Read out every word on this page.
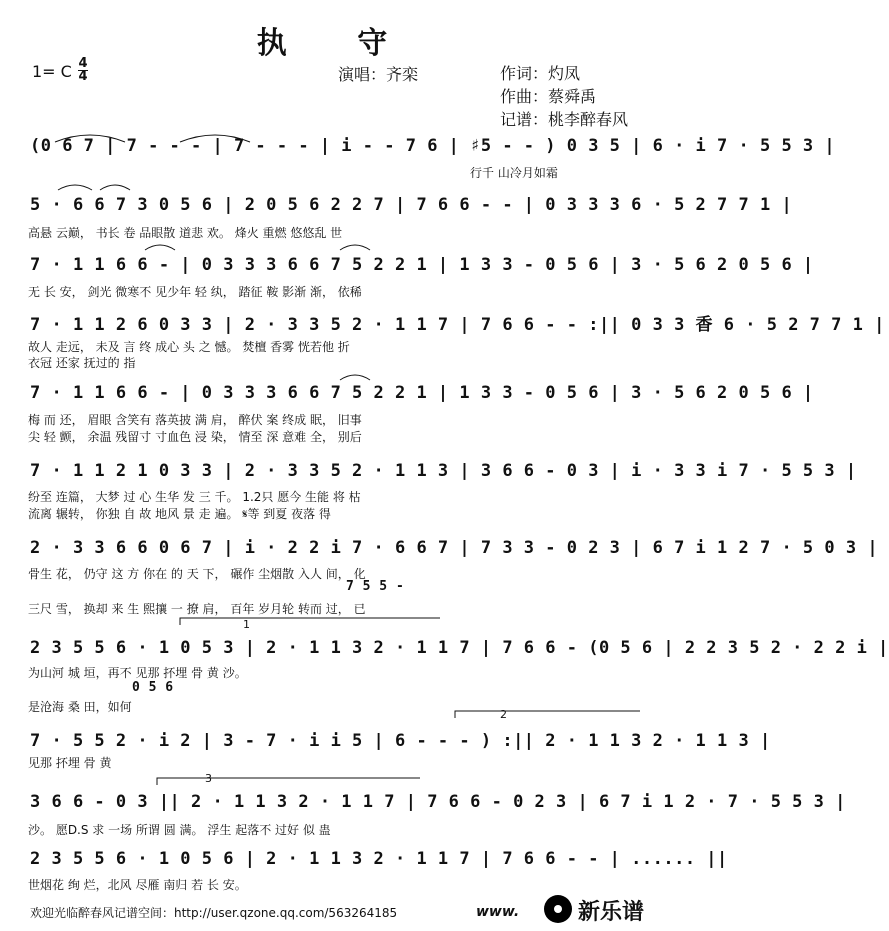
执 守
1= C 4
4	演唱：齐栾	作词：灼凤
作曲：蔡舜禹
记谱：桃李醉春风
(0 6 7 | 7 - - - | 7 - - - | i - - 7 6 | ♯5 - - ) 0 3 5 | 6 · i 7 · 5 5 3 |
行千 山冷月如霜
5 · 6 6 7 3 0 5 6 | 2 0 5 6 2 2 7 | 7 6 6 - - | 0 3 3 3 6 · 5 2 7 7 1 |
高悬 云巅， 书长 卷 品眼散 道悲 欢。 烽火 重燃 悠悠乱 世
7 · 1 1 6 6 - | 0 3 3 3 6 6 7 5 2 2 1 | 1 3 3 - 0 5 6 | 3 · 5 6 2 0 5 6 |
无 长 安， 剑光 微寒不 见少年 轻 纨， 踏征 鞍 影渐 渐， 依稀
7 · 1 1 2 6 0 3 3 | 2 · 3 3 5 2 · 1 1 7 | 7 6 6 - - :|| 0 3 3 香 6 · 5 2 7 7 1 |
故人 走远， 未及 言 终 成心 头 之 憾。 焚檀 香雾 恍若他 折
衣冠 还家 抚过的 指
7 · 1 1 6 6 - | 0 3 3 3 6 6 7 5 2 2 1 | 1 3 3 - 0 5 6 | 3 · 5 6 2 0 5 6 |
梅 而 还， 眉眼 含笑有 落英披 满 肩， 醉伏 案 终成 眠， 旧事
尖 轻 颤， 余温 残留寸 寸血色 浸 染， 情至 深 意难 全， 别后
7 · 1 1 2 1 0 3 3 | 2 · 3 3 5 2 · 1 1 3 | 3 6 6 - 0 3 | i · 3 3 i 7 · 5 5 3 |
纷至 连篇， 大梦 过 心 生华 发 三 千。 1.2只 愿今 生能 将 枯
流离 辗转， 你独 自 故 地风 景 走 遍。 𝄋等 到夏 夜落 得
2 · 3 3 6 6 0 6 7 | i · 2 2 i 7 · 6 6 7 | 7 3 3 - 0 2 3 | 6 7 i 1 2 7 · 5 0 3 |
骨生 花， 仍守 这 方 你在 的 天 下， 碾作 尘烟散 入人 间， 化
7 5 5 -
三尺 雪， 换却 来 生 熙攘 一 撩 肩， 百年 岁月轮 转而 过， 已
1
2 3 5 5 6 · 1 0 5 3 | 2 · 1 1 3 2 · 1 1 7 | 7 6 6 - (0 5 6 | 2 2 3 5 2 · 2 2 i |
为山河 城 垣，再不 见那 抔埋 骨 黄 沙。
0 5 6
是沧海 桑 田，如何
2
7 · 5 5 2 · i 2 | 3 - 7 · i i 5 | 6 - - - ) :|| 2 · 1 1 3 2 · 1 1 3 |
见那 抔埋 骨 黄
3
3 6 6 - 0 3 || 2 · 1 1 3 2 · 1 1 7 | 7 6 6 - 0 2 3 | 6 7 i 1 2 · 7 · 5 5 3 |
沙。 愿D.S 求 一场 所谓 圆 满。 浮生 起落不 过好 似 蛊
2 3 5 5 6 · 1 0 5 6 | 2 · 1 1 3 2 · 1 1 7 | 7 6 6 - - | ...... ||
世烟花 绚 烂，北风 尽雁 南归 若 长 安。
欢迎光临醉春风记谱空间：http://user.qzone.qq.com/563264185	www.	新乐谱
